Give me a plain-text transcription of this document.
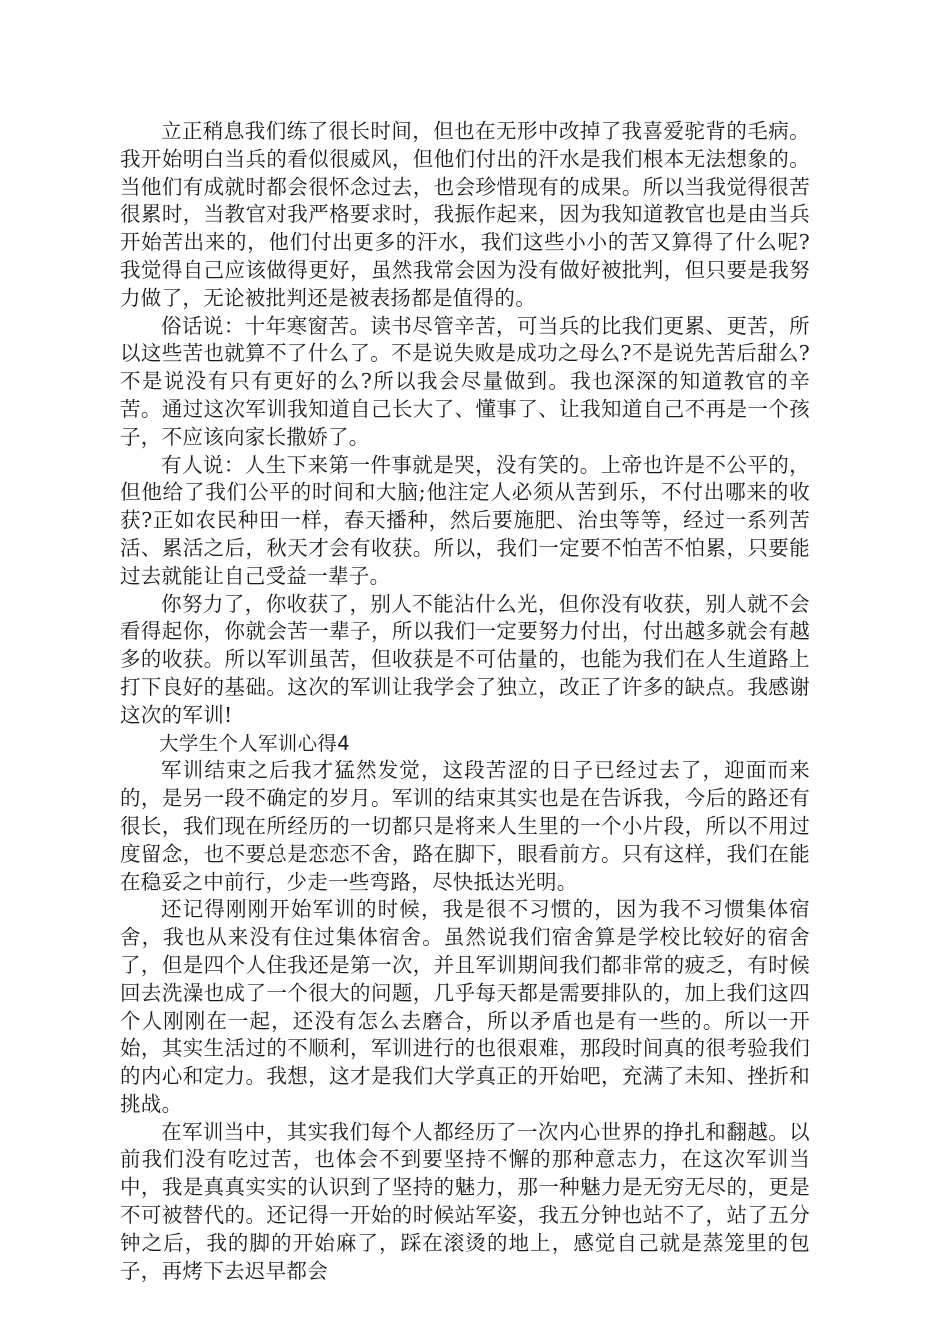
立正稍息我们练了很长时间，但也在无形中改掉了我喜爱驼背的毛病。我开始明白当兵的看似很威风，但他们付出的汗水是我们根本无法想象的。当他们有成就时都会很怀念过去，也会珍惜现有的成果。所以当我觉得很苦很累时，当教官对我严格要求时，我振作起来，因为我知道教官也是由当兵开始苦出来的，他们付出更多的汗水，我们这些小小的苦又算得了什么呢?我觉得自己应该做得更好，虽然我常会因为没有做好被批判，但只要是我努力做了，无论被批判还是被表扬都是值得的。

俗话说：十年寒窗苦。读书尽管辛苦，可当兵的比我们更累、更苦，所以这些苦也就算不了什么了。不是说失败是成功之母么?不是说先苦后甜么?不是说没有只有更好的么?所以我会尽量做到。我也深深的知道教官的辛苦。通过这次军训我知道自己长大了、懂事了、让我知道自己不再是一个孩子，不应该向家长撒娇了。

有人说：人生下来第一件事就是哭，没有笑的。上帝也许是不公平的，但他给了我们公平的时间和大脑;他注定人必须从苦到乐，不付出哪来的收获?正如农民种田一样，春天播种，然后要施肥、治虫等等，经过一系列苦活、累活之后，秋天才会有收获。所以，我们一定要不怕苦不怕累，只要能过去就能让自己受益一辈子。

你努力了，你收获了，别人不能沾什么光，但你没有收获，别人就不会看得起你，你就会苦一辈子，所以我们一定要努力付出，付出越多就会有越多的收获。所以军训虽苦，但收获是不可估量的，也能为我们在人生道路上打下良好的基础。这次的军训让我学会了独立，改正了许多的缺点。我感谢这次的军训!

大学生个人军训心得4

军训结束之后我才猛然发觉，这段苦涩的日子已经过去了，迎面而来的，是另一段不确定的岁月。军训的结束其实也是在告诉我，今后的路还有很长，我们现在所经历的一切都只是将来人生里的一个小片段，所以不用过度留念，也不要总是恋恋不舍，路在脚下，眼看前方。只有这样，我们在能在稳妥之中前行，少走一些弯路，尽快抵达光明。

还记得刚刚开始军训的时候，我是很不习惯的，因为我不习惯集体宿舍，我也从来没有住过集体宿舍。虽然说我们宿舍算是学校比较好的宿舍了，但是四个人住我还是第一次，并且军训期间我们都非常的疲乏，有时候回去洗澡也成了一个很大的问题，几乎每天都是需要排队的，加上我们这四个人刚刚在一起，还没有怎么去磨合，所以矛盾也是有一些的。所以一开始，其实生活过的不顺利，军训进行的也很艰难，那段时间真的很考验我们的内心和定力。我想，这才是我们大学真正的开始吧，充满了未知、挫折和挑战。

在军训当中，其实我们每个人都经历了一次内心世界的挣扎和翻越。以前我们没有吃过苦，也体会不到要坚持不懈的那种意志力，在这次军训当中，我是真真实实的认识到了坚持的魅力，那一种魅力是无穷无尽的，更是不可被替代的。还记得一开始的时候站军姿，我五分钟也站不了，站了五分钟之后，我的脚的开始麻了，踩在滚烫的地上，感觉自己就是蒸笼里的包子，再烤下去迟早都会
